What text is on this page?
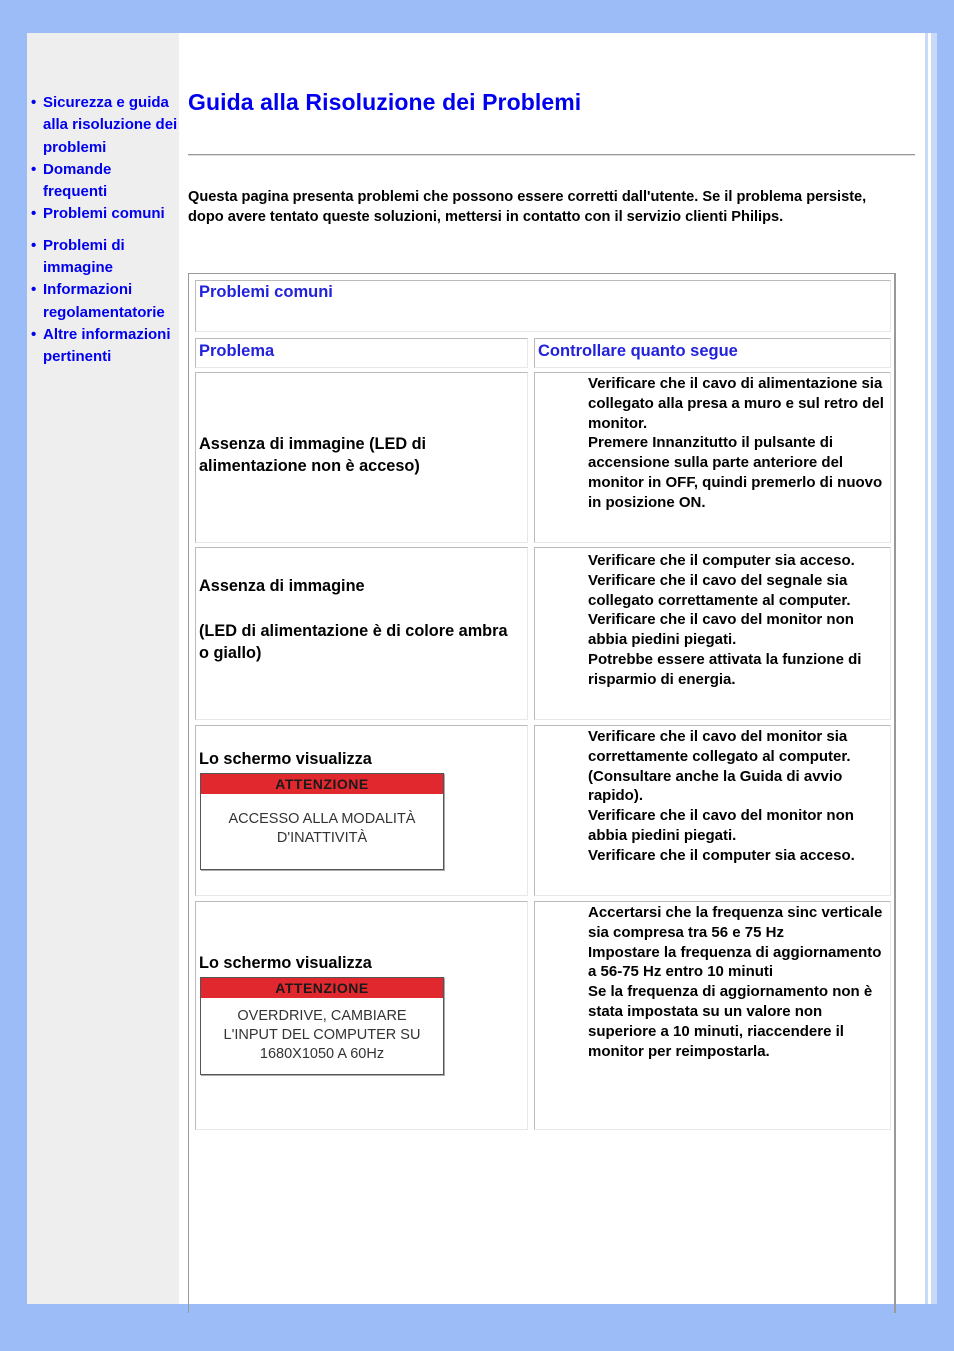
• Sicurezza e guida alla risoluzione dei problemi
• Domande frequenti
• Problemi comuni
• Problemi di immagine
• Informazioni regolamentatorie
• Altre informazioni pertinenti
Guida alla Risoluzione dei Problemi
Questa pagina presenta problemi che possono essere corretti dall'utente. Se il problema persiste, dopo avere tentato queste soluzioni, mettersi in contatto con il servizio clienti Philips.
Problemi comuni
Problema	Controllare quanto segue
Assenza di immagine (LED di alimentazione non è acceso)

Verificare che il cavo di alimentazione sia collegato alla presa a muro e sul retro del monitor.

Premere Innanzitutto il pulsante di accensione sulla parte anteriore del monitor in OFF, quindi premerlo di nuovo in posizione ON.

Assenza di immagine
(LED di alimentazione è di colore ambra o giallo)

Verificare che il computer sia acceso.

Verificare che il cavo del segnale sia collegato correttamente al computer.

Verificare che il cavo del monitor non abbia piedini piegati.

Potrebbe essere attivata la funzione di risparmio di energia.

Lo schermo visualizza
ATTENZIONE
ACCESSO ALLA MODALITÀ
D'INATTIVITÀ

Verificare che il cavo del monitor sia correttamente collegato al computer. (Consultare anche la Guida di avvio rapido).

Verificare che il cavo del monitor non abbia piedini piegati.

Verificare che il computer sia acceso.

Lo schermo visualizza
ATTENZIONE
OVERDRIVE, CAMBIARE
L'INPUT DEL COMPUTER SU
1680X1050 A 60Hz

Accertarsi che la frequenza sinc verticale sia compresa tra 56 e 75 Hz

Impostare la frequenza di aggiornamento a 56-75 Hz entro 10 minuti

Se la frequenza di aggiornamento non è stata impostata su un valore non superiore a 10 minuti, riaccendere il monitor per reimpostarla.
